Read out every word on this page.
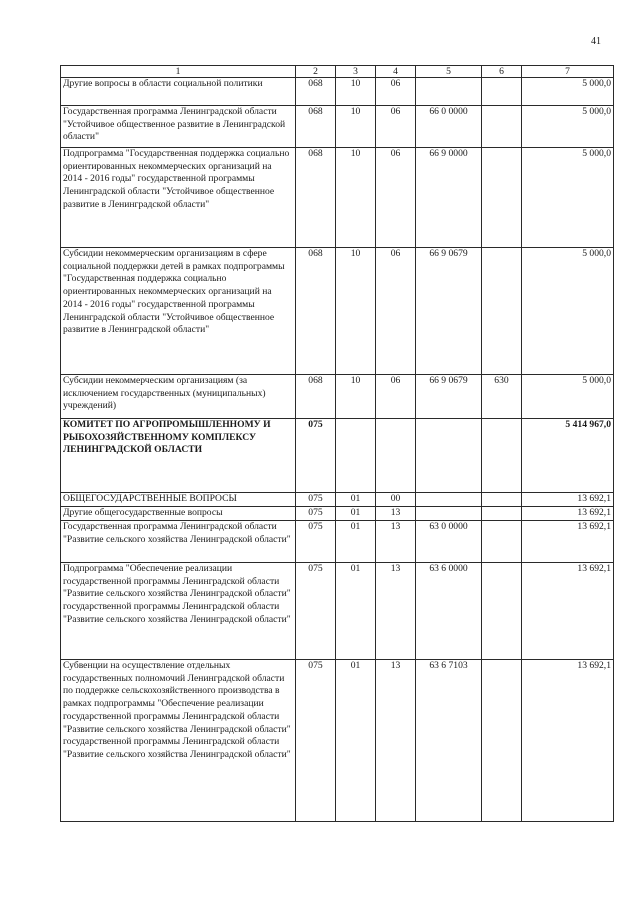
41
1	2	3	4	5	6	7
Другие вопросы в области социальной политики	068	10	06			5 000,0
Государственная программа Ленинградской области "Устойчивое общественное развитие в Ленинградской области"	068	10	06	66 0 0000		5 000,0
Подпрограмма "Государственная поддержка социально ориентированных некоммерческих организаций на 2014 - 2016 годы" государственной программы Ленинградской области "Устойчивое общественное развитие в Ленинградской области"	068	10	06	66 9 0000		5 000,0
Субсидии некоммерческим организациям в сфере социальной поддержки детей в рамках подпрограммы "Государственная поддержка социально ориентированных некоммерческих организаций на 2014 - 2016 годы" государственной программы Ленинградской области "Устойчивое общественное развитие в Ленинградской области"	068	10	06	66 9 0679		5 000,0
Субсидии некоммерческим организациям (за исключением государственных (муниципальных) учреждений)	068	10	06	66 9 0679	630	5 000,0
КОМИТЕТ ПО АГРОПРОМЫШЛЕННОМУ И РЫБОХОЗЯЙСТВЕННОМУ КОМПЛЕКСУ ЛЕНИНГРАДСКОЙ ОБЛАСТИ	075					5 414 967,0
ОБЩЕГОСУДАРСТВЕННЫЕ ВОПРОСЫ	075	01	00			13 692,1
Другие общегосударственные вопросы	075	01	13			13 692,1
Государственная программа Ленинградской области "Развитие сельского хозяйства Ленинградской области"	075	01	13	63 0 0000		13 692,1
Подпрограмма "Обеспечение реализации государственной программы Ленинградской области "Развитие сельского хозяйства Ленинградской области" государственной программы Ленинградской области "Развитие сельского хозяйства Ленинградской области"	075	01	13	63 6 0000		13 692,1
Субвенции на осуществление отдельных государственных полномочий Ленинградской области по поддержке сельскохозяйственного производства в рамках подпрограммы "Обеспечение реализации государственной программы Ленинградской области "Развитие сельского хозяйства Ленинградской области" государственной программы Ленинградской области "Развитие сельского хозяйства Ленинградской области"	075	01	13	63 6 7103		13 692,1
